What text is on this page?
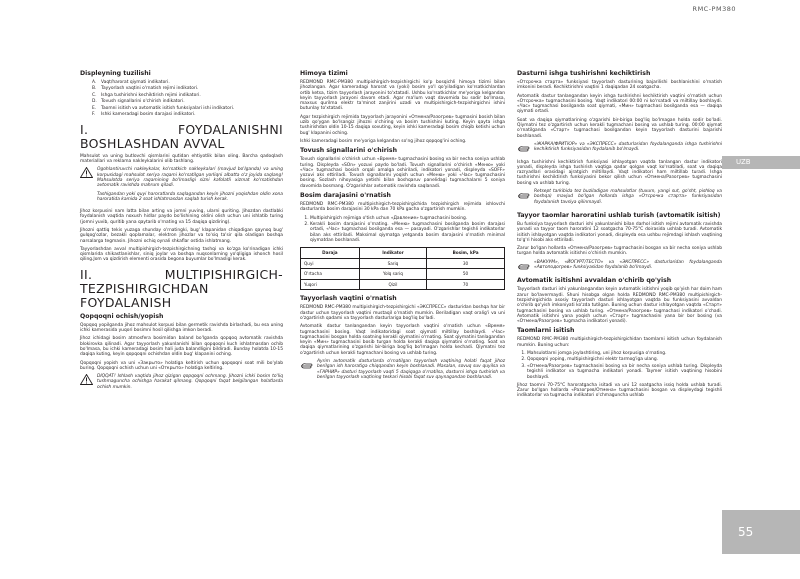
RMC-PM380
UZB
55
Displeyning tuzilishi
A.	Vaqt/harorat qiymati indikatori.
B.	Tayyorlash vaqtini o'rnatish rejimi indikatori.
C.	Ishga tushirishni kechiktirish rejimi indikatori.
D. Tovush signallarini o'chirish indikatori.
E.	Taomni isitish va avtomatik isitish funksiyalari ishi indikatori.
F.	Ishki kameradagi bosim darajasi indikatori.
I. FOYDALANISHNI BOSHLASHDAN AVVAL

Mahsulot va uning butlovchi qismlarini qutidan ehtiyotlik bilan oling. Barcha qadoqlash materiallari va reklama naklеykalarini olib tashlang.

Ogohlantiruvchi naklеykalar, ko'rsatkich naklеykalari (mavjud bo'lganda) va uning korpusidagi mahsulot seriya raqami ko'rsatilgan yorliqni albatta o'z joyida saqlang! Mahsulotda seriya raqamining bo'lmasligi sizni kafolatli xizmat ko'rsatishdan avtomatik ravishda mahrum qiladi.

Tashigandan yoki quyi haroratlarda saqlagandan keyin jihozni yoqishdan oldin xona haroratida kamida 2 soat ishlatmasdan saqlab turish kerak.

Jihoz korpusini nam latta bilan arting va jomni yuving, ularni quriting. Jihozdan dastlabki foydalanish vaqtida noxush hidlar paydo bo'lishining oldini olish uchun uni ishlatib turing (jomni yuvib, quritib yana qaytarib o'rnating va 15 daqiqa qizdiring).

Jihozni qattiq tekis yuzaga shunday o'rnatingki, bug' klapanidan chiqadigan qaynoq bug' gulqog'ozlar, bezakli qoplamalar, elektron jihozlar va to'siq ta'sir qila oladigan boshqa narsalarga tegmasin. Jihozni ochiq oynali shkaflar ostida ishlatmang.

Tayyorlashdan avval multipishirgich-tezpishirgichning tashqi va ko'zga ko'rinadigan ichki qismlarida shikastlanishlar, siniq joylar va boshqa nuqsonlarning yo'qligiga ishonch hosil qiling.Jom va qizdirish elementi orasida begona buyumlar bo'lmasligi kerak.

II. MULTIPISHIRGICH-TEZPISHIRGICHDAN FOYDALANISH
Qopqoqni ochish/yopish

Qopqoq yopilganda jihoz mahsulot korpusi bilan germetik ravishda birlashadi, bu esa uning ichki kamerasida yuqori bosimni hosil qilishga imkon beradi.

Jihoz ichidagi bosim atmosfera bosimidan baland bo'lganda qopqoq avtomatik ravishda blokirovka qilinadi. Agar tayyorlash yakunlanishi bilan qopqoqni kuch ishlatmasdan ochib bo'lmasa, bu ichki kameradagi bosim hali juda balandligini bildiradi. Bunday holatda 10-15 daqiqa kuting, keyin qopqoqni ochishdan oldin bug' klapanini oching.

Qopqoqni yopish va uni «Закрыто» holatiga keltirish uchun qopqoqni soat mili bo'ylab buring. Qopqoqni ochish uchun uni «Открыто» holatiga keltiring.

DIQQAT! Ishlash vaqtida jihoz qizigan qopqoqni ochmang. Jihozni ichki bosim to'liq tushmaguncha ochishga harakat qilmang. Qopqoqni faqat belgilangan holatlarda ochish mumkin.

Himoya tizimi

REDMOND RMC-PM380 multipishirgich-tezpishirgichi ko'p bosqichli himoya tizimi bilan jihozlangan. Agar kameradagi harorat va (yoki) bosim yo'l qo'yiladigan ko'rsatkichlardan ortib ketsa, tizim tayyorlash jarayonini to'xtatadi. Ushbu ko'rsatkichlar me'yoriga kelgandan keyin tayyorlash jarayoni davom etadi. Agar ma'lum vaqt davomida bu sodir bo'lmasa, maxsus qurilma elektr ta'minot zanjirini uzadi va multipishirgich-tezpishirgichni ishini butunlay to'xtatadi.

Agar tezpishirgich rejimida tayyorlash jarayonini «Отмена/Разогрев» tugmasini bosish bilan uzib qo'ygan bo'lsangiz jihozni o'chiring va bosim tushishini kuting. Keyin qayta ishga tushirishdan oldin 10-15 daqiqa sovuting, keyin ishki kameradagi bosim chiqib ketishi uchun bug' klapanini oching.

Ishki kameradagi bosim me'yoriga kelgandan so'ng jihoz qopqog'ini oching.

Tovush signallarini o'chirish

Tovush signallarini o'chirish uchun «Время» tugmachasini bosing va bir necha soniya ushlab turing. Displeyda «SOn» yozuvi paydo bo'ladi. Tovush signallarini o'chirish «Меню» yoki «Час» tugmachasi bosish orqali amalga oshiriladi, indikatori yonadi, displeyda «SOFF» yozuvi aks ettiriladi. Tovush signallarini yoqish uchun «Меню» yoki «Час» tugmachasini bosing. Sozlash nihoyasiga yetishi bilan boshqaruv panelidagi tugmachalarni 5 soniya davomida bosmang. O'zgarishlar avtomatik ravishda saqlanadi.

Bosim darajasini o'rnatish

REDMOND RMC-PM380 multipishirgich-tezpishirgichida tezpishirgich rejimida ishlovchi dasturlarda bosim darajasini 30 kPa dan 70 kPa gacha o'zgartirish mumkin.

1. Multipishirgich rejimiga o'tish uchun «Давление» tugmachasini bosing.
2. Kerakli bosim darajasini o'rnating. «Меню» tugmachasini bosilganda bosim darajasi ortadi, «Час» tugmachasi bosilganda esa — pasayadi. O'zgarishlar tegishli indikatorlar bilan aks ettiriladi. Maksimal qiymatga yetganda bosim darajasini o'rnatish minimal qiymatdan boshlanadi.
Daraja	Indikator	Bosim, kPa
Quyi	Sariq	30
O'rtacha	Yolq sariq	50
Yuqori	Qizil	70
Tayyorlash vaqtini o'rnatish

REDMOND RMC-PM380 multipishirgich-tezpishirgichi «ЭКСПРЕСС» dasturidan boshqa har bir dastur uchun tayyorlash vaqtini mustaqil o'rnatish mumkin. Beriladigan vaqt oralig'i va uni o'zgartirish qadami va tayyorlash dasturlariga bog'liq bo'ladi.

Avtomatik dastur tanlangandan keyin tayyorlash vaqtini o'rnatish uchun «Время» tugmachasini bosing. Vaqt indikatoridagi soat qiymati miltillay boshlaydi. «Час» tugmachasini bosgan holda soatning kerakli qiymatini o'rnating. Soat qiymatini tanlagandan keyin «Мин» tugmachasini bosib turgan holda kerakli daqiqa qiymatini o'rnating. Soat va daqiqa qiymatlarining o'zgarishi bir-biriga bog'liq bo'lmagan holda kechadi. Qiymatni tez o'zgartirish uchun kerakli tugmachani bosing va ushlab turing.

Ayrim avtomatik dasturlarda o'rnatilgan tayyorlash vaqtining holati faqat jihoz berilgan ish haroratiga chiqqandan keyin boshlanadi. Masalan, sovuq suv quyilsa va «ГАРНИР» dasturi tayyorlash vaqti 5 daqiqaga o'rnatilsa, dasturni ishga tushirish va berilgan tayyorlash vaqtining teskari hisobi faqat suv qaynagandan boshlanadi.

Dasturni ishga tushirishni kechiktirish

«Отсрочка старта» funksiyasi tayyorlash dasturining bajarilishi boshlanishini o'rnatish imkonini beradi. Kechiktirishni vaqtini 1 daqiqadan 24 soatgacha.

Avtomatik dastur tanlangandan keyin ishga tushirishni kechiktirish vaqtini o'rnatish uchun «Отсрочка» tugmachasini bosing. Vaqt indikatori 00:00 ni ko'rsatadi va miltillay boshlaydi. «Час» tugmachasi bosilganda soat qiymati, «Мин» tugmachasi bosilganda esa — daqiqa qiymati ortadi.

Soat va daqiqa qiymatlarining o'zgarishi bir-biriga bog'liq bo'lmagan holda sodir bo'ladi. Qiymatni tez o'zgartirish uchun kerakli tugmachani bosing va ushlab turing. 00:00 qiymat o'rnatilganda «Старт» tugmachasi bosilgandan keyin tayyorlash dasturini bajarishi boshlanadi.

«ЖАРКА/ФРИТЮР» va «ЭКСПРЕСС» dasturlaridan foydalanganda ishga tushirishni kechiktirish funksiyasidan foydalanib bo'lmaydi.

Ishga tushirishni kechiktirish funksiyasi ishlayotgan vaqtda tanlangan dastur indikatori yonadi, displeyda ishga tushirish vaqtiga qadar qolgan vaqt ko'rsatiladi, soat va daqiqa razryadlari orasidagi ajratgich miltillaydi. Vaqt indikatori ham miltillab turadi. Ishga tushirishni kechiktirish funksiyasini bekor qilish uchun «Отмена/Разогрев» tugmachasini bosing va ushlab turing.

Retsept tarkibida tez buziladigan mahsulotlar (tuxum, yangi sut, go'sht, pishloq va boshqa) mavjud bo'lgan hollarda ishga «Отсрочка старта» funksiyasidan foydalanish tavsiya qilinmaydi.

Tayyor taomlar haroratini ushlab turish (avtomatik isitish)

Bu funksiya tayyorlash dasturi ishi yakunlanishi bilan darhol isitish rejimi avtomatik ravishda yonadi va tayyor taom haroratini 12 soatgacha 70-75°C doirasida ushlab turadi. Avtomatik isitish ishlayotgan vaqtda indikatori yonadi, displeyda esa ushbu rejimdagi ishlash vaqtining to'g'ri hisobi aks ettiriladi.

Zarur bo'lgan hollarda «Отмена/Разогрев» tugmachasini bosgan va bir necha soniya ushlab turgan holda avtomatik isitishni o'chirish mumkin.

«ВАКУУМ», «ЙОГУРТ/ТЕСТО» va «ЭКСПРЕСС» dasturlaridan foydalanganda «Автоподогрев» funksiyasidan foydalanib bo'lmaydi.

Avtomatik isitishni avvaldan o'chirib qo'yish

Tayyorlash dasturi ishi yakunlangandan keyin avtomatik isitishni yoqib qo'yish har doim ham zarur bo'lavermaydi. Shuni hisobga olgan holda REDMOND RMC-PM380 multipishirgich-tezpishirgichida asosiy tayyorlash dasturi ishlayotgan vaqtda bu funksiyasini avvaldan o'chirib qo'yish imkoniyati ko'zda tutilgan. Buning uchun dastur ishlayotgan vaqtda «Старт» tugmachasini bosing va ushlab turing. «Отмена/Разогрев» tugmachasi indikatori o'chadi. Avtomatik isitishni yana yoqish uchun «Старт» tugmachasini yana bir bor bosing (va «Отмена/Разогрев» tugmacha indikatori yonadi).

Taomlarni isitish

REDMOND RMC-PM380 multipishirgich-tezpishirgichidan taomlarni isitish uchun foydalanish mumkin. Buning uchun:

1. Mahsulotlarni jomga joylashtiring, uni jihoz korpusiga o'rnating.
2. Qopqoqni yoping, multipishirgichni elektr tarmog'iga ulang.
3. «Отмена/Разогрев» tugmachasini bosing va bir necha soniya ushlab turing. Displeyda tegishli indikator va tugmacha indikatori yonadi. Taymer isitish vaqtining hisobini boshlaydi.

Jihoz taomni 70-75°C haroratgacha isitadi va uni 12 soatgacha issiq holda ushlab turadi. Zarur bo'lgan hollarda «Разогрев/Отмена» tugmachasini bosgan va displeydagi tegishli indikatorlar va tugmacha indikatori o'chmaguncha ushlab
